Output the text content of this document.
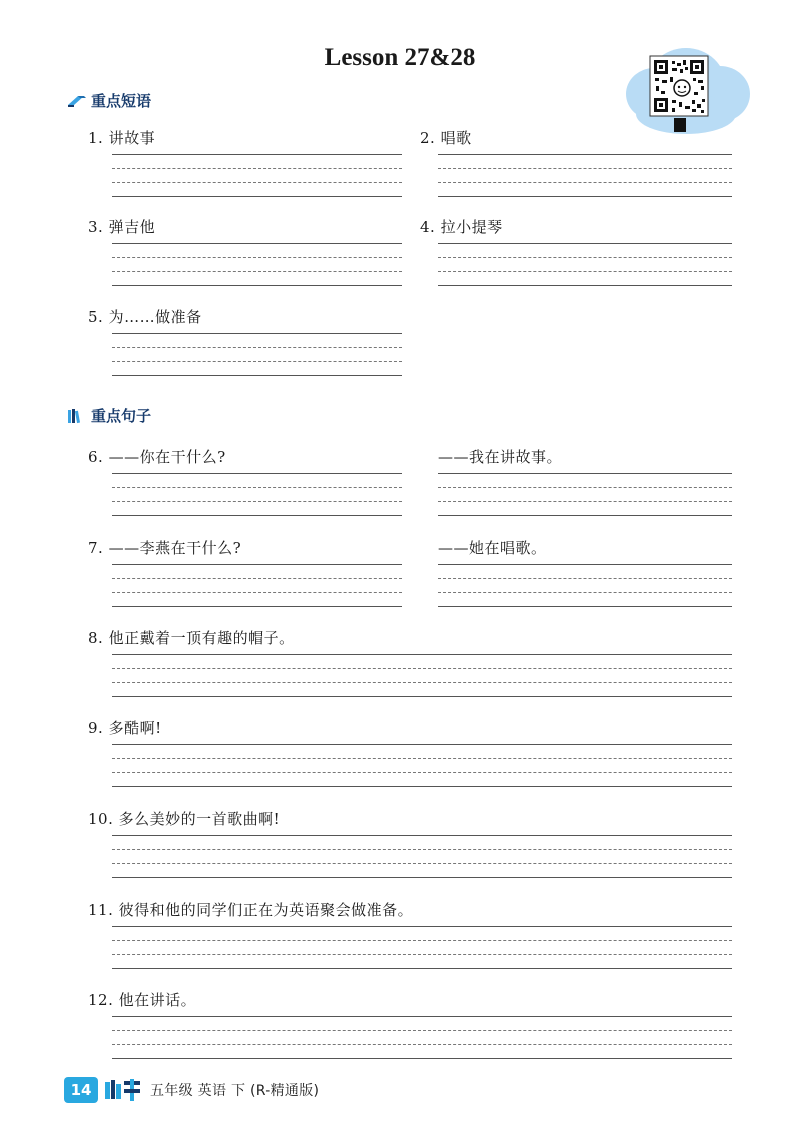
Lesson 27&28
重点短语
1. 讲故事	2. 唱歌
3. 弹吉他	4. 拉小提琴
5. 为……做准备
重点句子
6. ——你在干什么?	——我在讲故事。
7. ——李燕在干什么?	——她在唱歌。
8. 他正戴着一顶有趣的帽子。
9. 多酷啊!
10. 多么美妙的一首歌曲啊!
11. 彼得和他的同学们正在为英语聚会做准备。
12. 他在讲话。
14	五年级 英语 下 (R-精通版)
